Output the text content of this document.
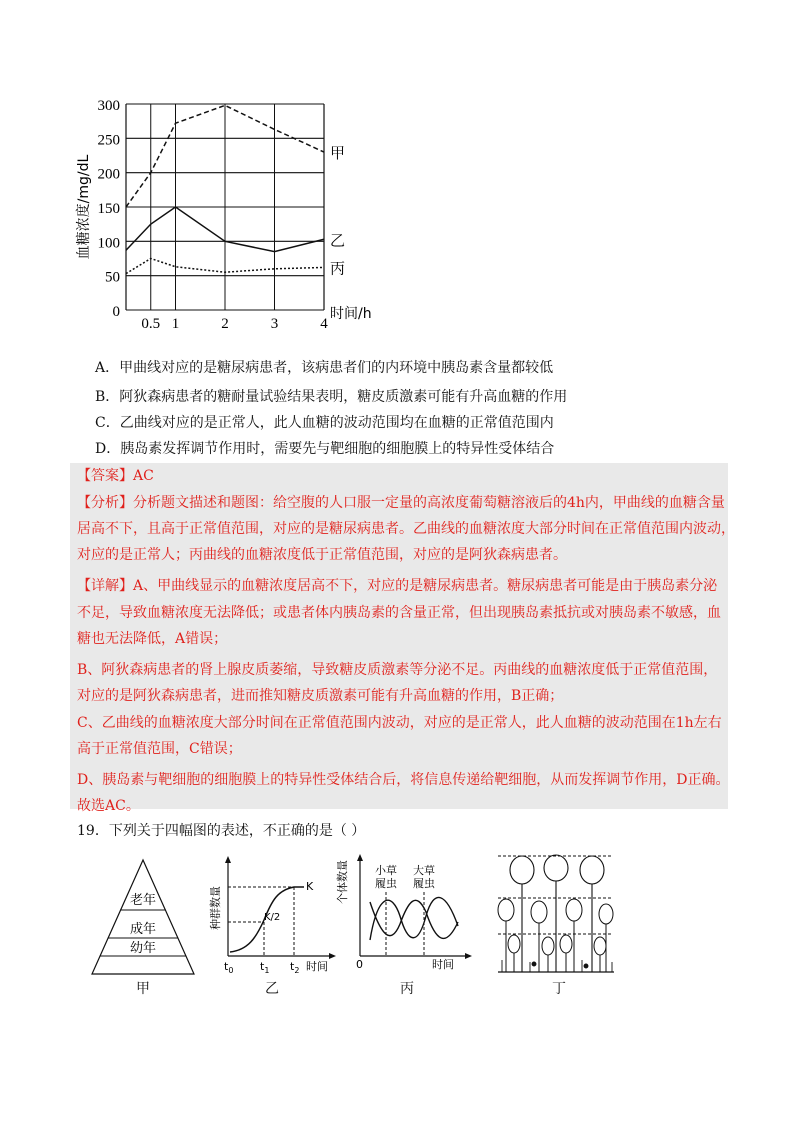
0
50
100
150
200
250
300
0.5 1	2	3	4
血糖浓度/mg/dL
时间/h
甲
乙
丙
A．甲曲线对应的是糖尿病患者，该病患者们的内环境中胰岛素含量都较低
B．阿狄森病患者的糖耐量试验结果表明，糖皮质激素可能有升高血糖的作用
C．乙曲线对应的是正常人，此人血糖的波动范围均在血糖的正常值范围内
D．胰岛素发挥调节作用时，需要先与靶细胞的细胞膜上的特异性受体结合
【答案】AC
【分析】分析题文描述和题图：给空腹的人口服一定量的高浓度葡萄糖溶液后的4h内，甲曲线的血糖含量
居高不下，且高于正常值范围，对应的是糖尿病患者。乙曲线的血糖浓度大部分时间在正常值范围内波动，
对应的是正常人；丙曲线的血糖浓度低于正常值范围，对应的是阿狄森病患者。
【详解】A、甲曲线显示的血糖浓度居高不下，对应的是糖尿病患者。糖尿病患者可能是由于胰岛素分泌
不足，导致血糖浓度无法降低；或患者体内胰岛素的含量正常，但出现胰岛素抵抗或对胰岛素不敏感，血
糖也无法降低，A错误；
B、阿狄森病患者的肾上腺皮质萎缩，导致糖皮质激素等分泌不足。丙曲线的血糖浓度低于正常值范围，
对应的是阿狄森病患者，进而推知糖皮质激素可能有升高血糖的作用，B正确；
C、乙曲线的血糖浓度大部分时间在正常值范围内波动，对应的是正常人，此人血糖的波动范围在1h左右
高于正常值范围，C错误；
D、胰岛素与靶细胞的细胞膜上的特异性受体结合后，将信息传递给靶细胞，从而发挥调节作用，D正确。
故选AC。
19．下列关于四幅图的表述，不正确的是（ ）
老年
成年
幼年
甲
种群数量	K
K/2
$t_0$ $t_1$ $t_2$ 时间
乙
个体数量 小草
履虫
大草
履虫
0	时间
丙	丁
